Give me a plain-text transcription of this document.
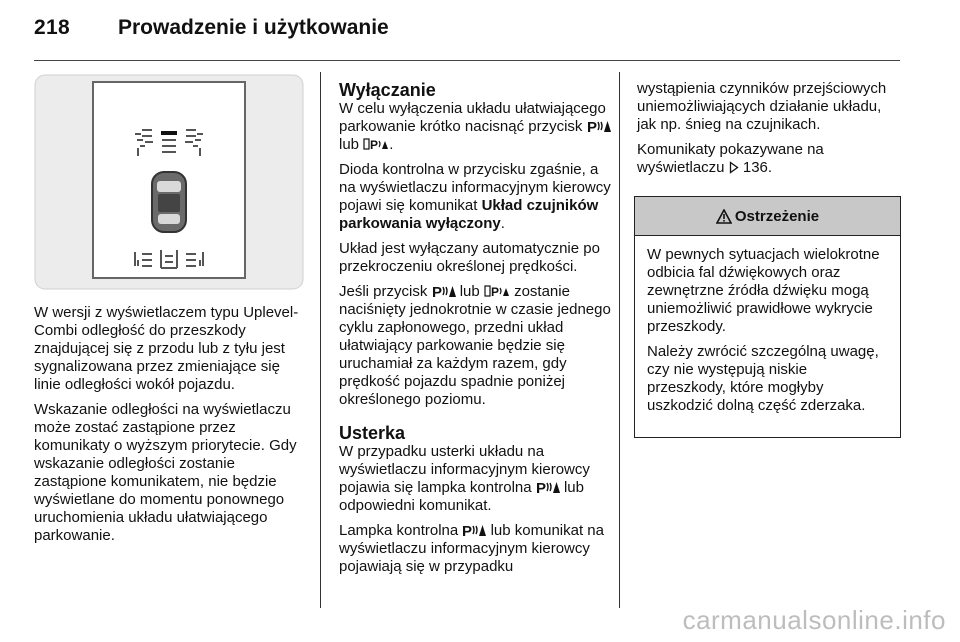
218 Prowadzenie i użytkowanie

W wersji z wyświetlaczem typu Uplevel-Combi odległość do przeszkody znajdującej się z przodu lub z tyłu jest sygnalizowana przez zmieniające się linie odległości wokół pojazdu.

Wskazanie odległości na wyświetlaczu może zostać zastąpione przez komunikaty o wyższym priorytecie. Gdy wskazanie odległości zostanie zastąpione komunikatem, nie będzie wyświetlane do momentu ponownego uruchomienia układu ułatwiającego parkowanie.

Wyłączanie

W celu wyłączenia układu ułatwiającego parkowanie krótko nacisnąć przycisk P
lub P .

Dioda kontrolna w przycisku zgaśnie, a na wyświetlaczu informacyjnym kierowcy pojawi się komunikat Układ czujników parkowania wyłączony.

Układ jest wyłączany automatycznie po przekroczeniu określonej prędkości.

Jeśli przycisk P lub P zostanie naciśnięty jednokrotnie w czasie jednego cyklu zapłonowego, przedni układ ułatwiający parkowanie będzie się uruchamiał za każdym razem, gdy prędkość pojazdu spadnie poniżej określonego poziomu.

Usterka

W przypadku usterki układu na wyświetlaczu informacyjnym kierowcy pojawia się lampka kontrolna P lub odpowiedni komunikat.

Lampka kontrolna P lub komunikat na wyświetlaczu informacyjnym kierowcy pojawiają się w przypadku

wystąpienia czynników przejściowych uniemożliwiających działanie układu, jak np. śnieg na czujnikach.

Komunikaty pokazywane na wyświetlaczu 136.

Ostrzeżenie

W pewnych sytuacjach wielokrotne odbicia fal dźwiękowych oraz zewnętrzne źródła dźwięku mogą uniemożliwić prawidłowe wykrycie przeszkody.

Należy zwrócić szczególną uwagę, czy nie występują niskie przeszkody, które mogłyby uszkodzić dolną część zderzaka.

carmanualsonline.info
